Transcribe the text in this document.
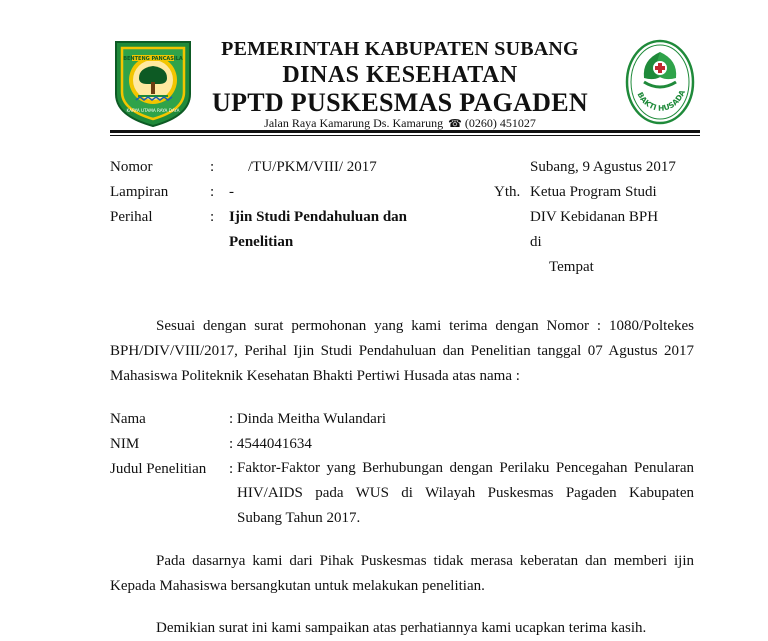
BENTENG PANCASILA
KARYA UTAMA RAYA DAYA
PEMERINTAH KABUPATEN SUBANG
DINAS KESEHATAN
UPTD PUSKESMAS PAGADEN
Jalan Raya Kamarung Ds. Kamarung ☎ (0260) 451027
BAKTI HUSADA
Nomor	: /TU/PKM/VIII/ 2017
Lampiran	: -
Perihal	: Ijin Studi Pendahuluan dan
Penelitian
Subang, 9 Agustus 2017
Yth. Ketua Program Studi
DIV Kebidanan BPH
di
Tempat
Sesuai dengan surat permohonan yang kami terima dengan Nomor : 1080/Poltekes
BPH/DIV/VIII/2017, Perihal Ijin Studi Pendahuluan dan Penelitian tanggal 07 Agustus 2017
Mahasiswa Politeknik Kesehatan Bhakti Pertiwi Husada atas nama :
Nama	: Dinda Meitha Wulandari
NIM	: 4544041634
Judul Penelitian : Faktor-Faktor yang Berhubungan dengan Perilaku Pencegahan Penularan
HIV/AIDS pada WUS di Wilayah Puskesmas Pagaden Kabupaten
Subang Tahun 2017.
Pada dasarnya kami dari Pihak Puskesmas tidak merasa keberatan dan memberi ijin
Kepada Mahasiswa bersangkutan untuk melakukan penelitian.
Demikian surat ini kami sampaikan atas perhatiannya kami ucapkan terima kasih.
